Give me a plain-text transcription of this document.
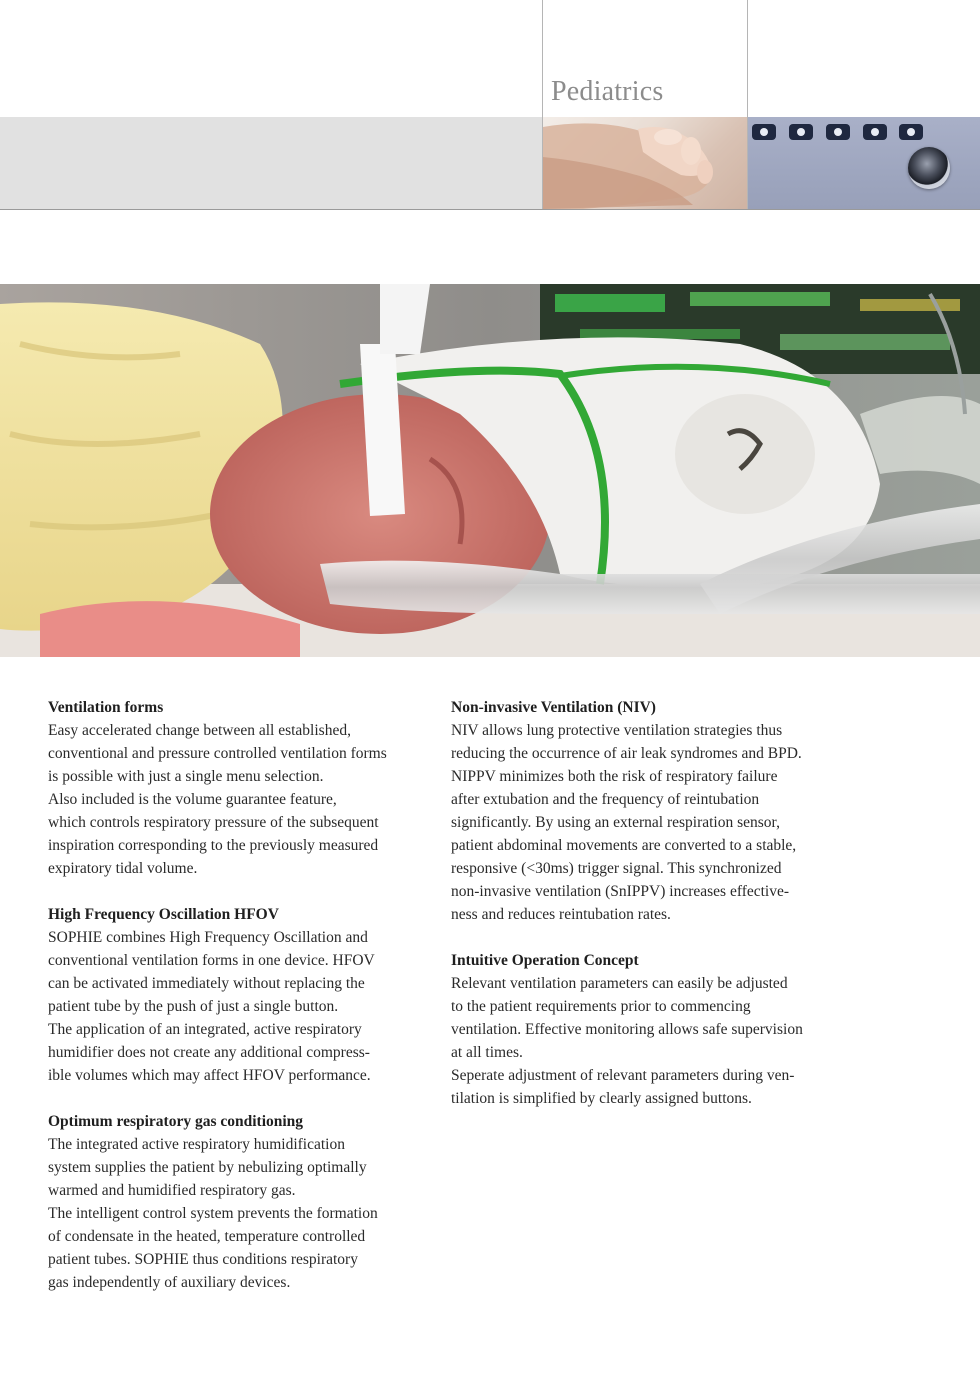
Pediatrics
Ventilation forms

Easy accelerated change between all established,
conventional and pressure controlled ventilation forms
is possible with just a single menu selection.
Also included is the volume guarantee feature,
which controls respiratory pressure of the subsequent
inspiration corresponding to the previously measured
expiratory tidal volume.

High Frequency Oscillation HFOV

SOPHIE combines High Frequency Oscillation and
conventional ventilation forms in one device. HFOV
can be activated immediately without replacing the
patient tube by the push of just a single button.
The application of an integrated, active respiratory
humidifier does not create any additional compress-
ible volumes which may affect HFOV performance.

Optimum respiratory gas conditioning

The integrated active respiratory humidification
system supplies the patient by nebulizing optimally
warmed and humidified respiratory gas.
The intelligent control system prevents the formation
of condensate in the heated, temperature controlled
patient tubes. SOPHIE thus conditions respiratory
gas independently of auxiliary devices.

Non-invasive Ventilation (NIV)

NIV allows lung protective ventilation strategies thus
reducing the occurrence of air leak syndromes and BPD.
NIPPV minimizes both the risk of respiratory failure
after extubation and the frequency of reintubation
significantly. By using an external respiration sensor,
patient abdominal movements are converted to a stable,
responsive (<30ms) trigger signal. This synchronized
non-invasive ventilation (SnIPPV) increases effective-
ness and reduces reintubation rates.

Intuitive Operation Concept

Relevant ventilation parameters can easily be adjusted
to the patient requirements prior to commencing
ventilation. Effective monitoring allows safe supervision
at all times.
Seperate adjustment of relevant parameters during ven-
tilation is simplified by clearly assigned buttons.
